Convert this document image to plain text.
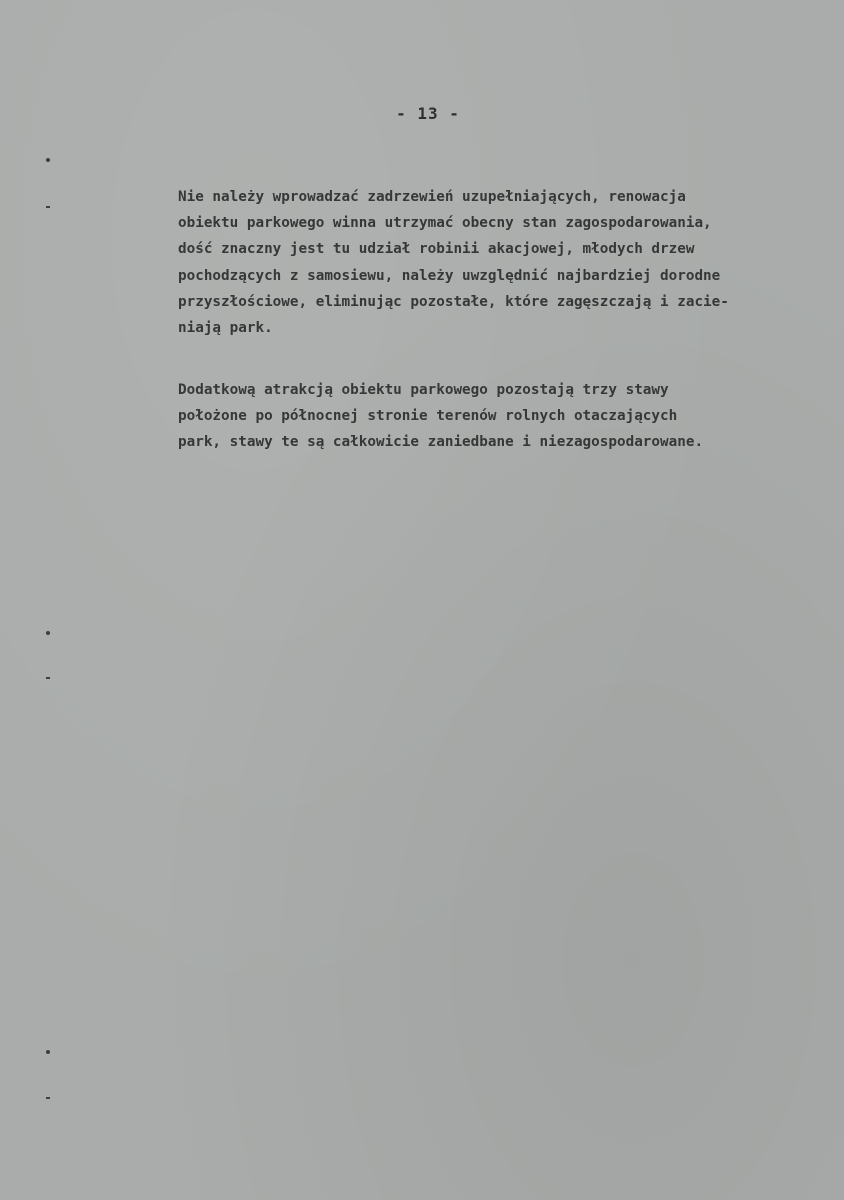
- 13 -
Nie należy wprowadzać zadrzewień uzupełniających, renowacja
obiektu parkowego winna utrzymać obecny stan zagospodarowania,
dość znaczny jest tu udział robinii akacjowej, młodych drzew
pochodzących z samosiewu, należy uwzględnić najbardziej dorodne
przyszłościowe, eliminując pozostałe, które zagęszczają i zacie-
niają park.
Dodatkową atrakcją obiektu parkowego pozostają trzy stawy
położone po północnej stronie terenów rolnych otaczających
park, stawy te są całkowicie zaniedbane i niezagospodarowane.
